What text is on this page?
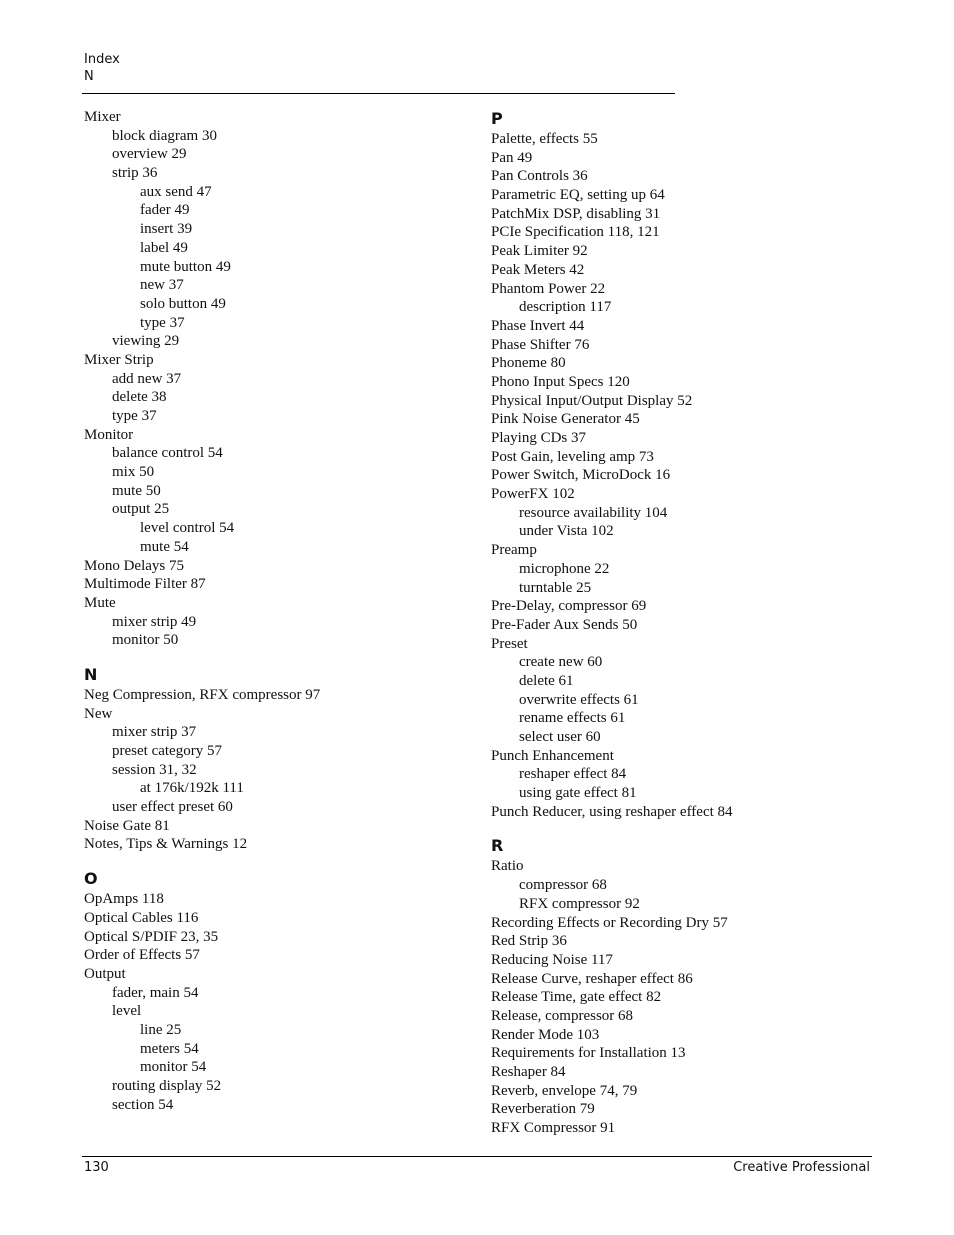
Index
N
Mixer
block diagram 30
overview 29
strip 36
aux send 47
fader 49
insert 39
label 49
mute button 49
new 37
solo button 49
type 37
viewing 29
Mixer Strip
add new 37
delete 38
type 37
Monitor
balance control 54
mix 50
mute 50
output 25
level control 54
mute 54
Mono Delays 75
Multimode Filter 87
Mute
mixer strip 49
monitor 50
N
Neg Compression, RFX compressor 97
New
mixer strip 37
preset category 57
session 31, 32
at 176k/192k 111
user effect preset 60
Noise Gate 81
Notes, Tips & Warnings 12
O
OpAmps 118
Optical Cables 116
Optical S/PDIF 23, 35
Order of Effects 57
Output
fader, main 54
level
line 25
meters 54
monitor 54
routing display 52
section 54
P
Palette, effects 55
Pan 49
Pan Controls 36
Parametric EQ, setting up 64
PatchMix DSP, disabling 31
PCIe Specification 118, 121
Peak Limiter 92
Peak Meters 42
Phantom Power 22
description 117
Phase Invert 44
Phase Shifter 76
Phoneme 80
Phono Input Specs 120
Physical Input/Output Display 52
Pink Noise Generator 45
Playing CDs 37
Post Gain, leveling amp 73
Power Switch, MicroDock 16
PowerFX 102
resource availability 104
under Vista 102
Preamp
microphone 22
turntable 25
Pre-Delay, compressor 69
Pre-Fader Aux Sends 50
Preset
create new 60
delete 61
overwrite effects 61
rename effects 61
select user 60
Punch Enhancement
reshaper effect 84
using gate effect 81
Punch Reducer, using reshaper effect 84
R
Ratio
compressor 68
RFX compressor 92
Recording Effects or Recording Dry 57
Red Strip 36
Reducing Noise 117
Release Curve, reshaper effect 86
Release Time, gate effect 82
Release, compressor 68
Render Mode 103
Requirements for Installation 13
Reshaper 84
Reverb, envelope 74, 79
Reverberation 79
RFX Compressor 91
130	Creative Professional
